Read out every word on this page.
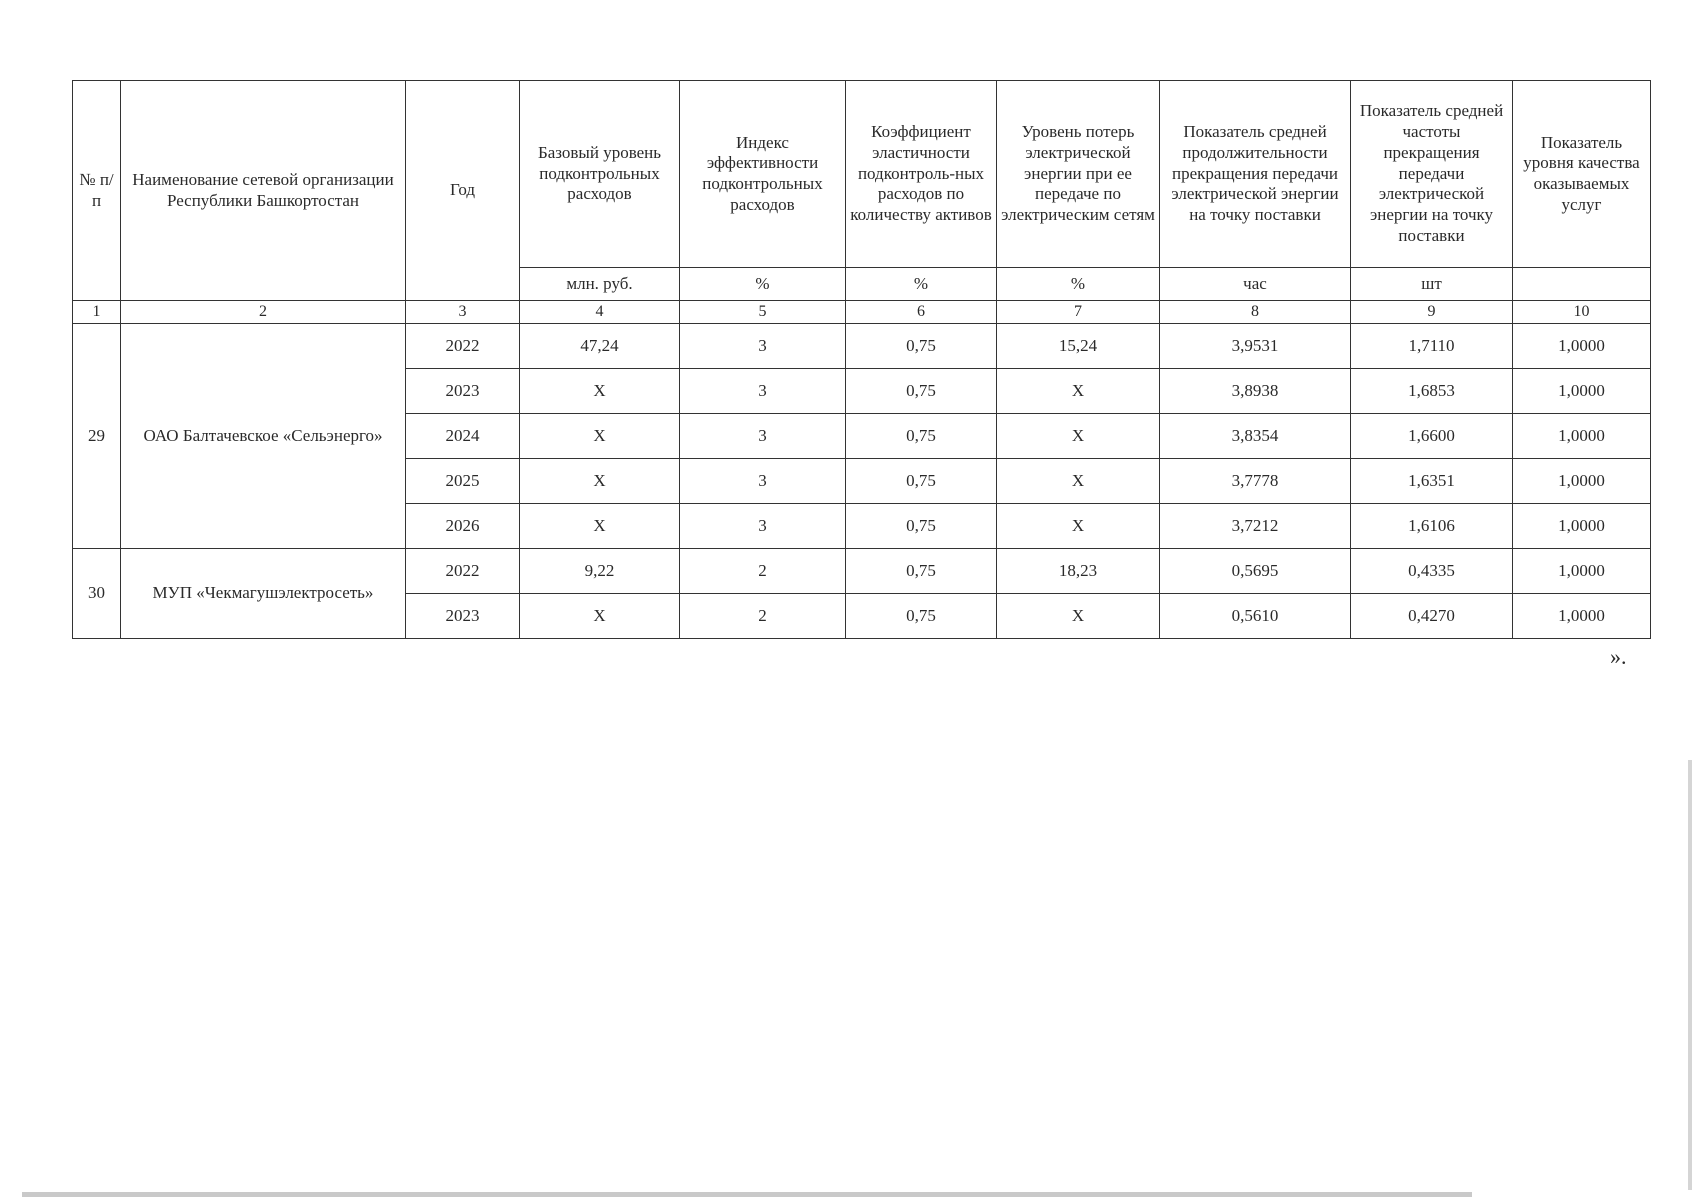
№ п/п	Наименование сетевой организации Республики Башкортостан	Год	Базовый уровень подконтрольных расходов	Индекс эффективности подконтрольных расходов	Коэффициент эластичности подконтроль-ных расходов по количеству активов	Уровень потерь электрической энергии при ее передаче по электрическим сетям	Показатель средней продолжительности прекращения передачи электрической энергии на точку поставки	Показатель средней частоты прекращения передачи электрической энергии на точку поставки	Показатель уровня качества оказываемых услуг
			млн. руб.	%	%	%	час	шт	
1	2	3	4	5	6	7	8	9	10
29	ОАО Балтачевское «Сельэнерго»	2022	47,24	3	0,75	15,24	3,9531	1,7110	1,0000
		2023	X	3	0,75	X	3,8938	1,6853	1,0000
		2024	X	3	0,75	X	3,8354	1,6600	1,0000
		2025	X	3	0,75	X	3,7778	1,6351	1,0000
		2026	X	3	0,75	X	3,7212	1,6106	1,0000
30	МУП «Чекмагушэлектросеть»	2022	9,22	2	0,75	18,23	0,5695	0,4335	1,0000
		2023	X	2	0,75	X	0,5610	0,4270	1,0000
».
